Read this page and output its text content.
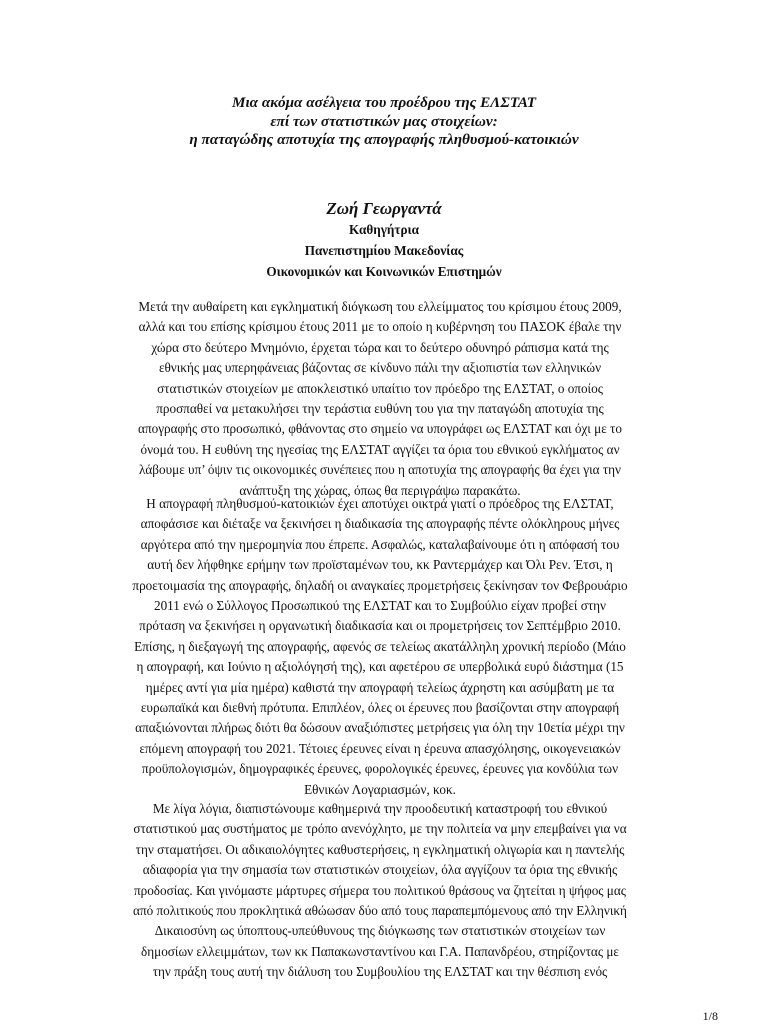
Μια ακόμα ασέλγεια του προέδρου της ΕΛΣΤΑΤ
επί των στατιστικών μας στοιχείων:
η παταγώδης αποτυχία της απογραφής πληθυσμού-κατοικιών
Ζωή Γεωργαντά
Καθηγήτρια
Πανεπιστημίου Μακεδονίας
Οικονομικών και Κοινωνικών Επιστημών
Μετά την αυθαίρετη και εγκληματική διόγκωση του ελλείμματος του κρίσιμου έτους 2009,
αλλά και του επίσης κρίσιμου έτους 2011 με το οποίο η κυβέρνηση του ΠΑΣΟΚ έβαλε την
χώρα στο δεύτερο Μνημόνιο, έρχεται τώρα και το δεύτερο οδυνηρό ράπισμα κατά της
εθνικής μας υπερηφάνειας βάζοντας σε κίνδυνο πάλι την αξιοπιστία των ελληνικών
στατιστικών στοιχείων με αποκλειστικό υπαίτιο τον πρόεδρο της ΕΛΣΤΑΤ, ο οποίος
προσπαθεί να μετακυλήσει την τεράστια ευθύνη του για την παταγώδη αποτυχία της
απογραφής στο προσωπικό, φθάνοντας στο σημείο να υπογράφει ως ΕΛΣΤΑΤ και όχι με το
όνομά του. Η ευθύνη της ηγεσίας της ΕΛΣΤΑΤ αγγίζει τα όρια του εθνικού εγκλήματος αν
λάβουμε υπ’ όψιν τις οικονομικές συνέπειες που η αποτυχία της απογραφής θα έχει για την
ανάπτυξη της χώρας, όπως θα περιγράψω παρακάτω.
Η απογραφή πληθυσμού-κατοικιών έχει αποτύχει οικτρά γιατί ο πρόεδρος της ΕΛΣΤΑΤ,
αποφάσισε και διέταξε να ξεκινήσει η διαδικασία της απογραφής πέντε ολόκληρους μήνες
αργότερα από την ημερομηνία που έπρεπε. Ασφαλώς, καταλαβαίνουμε ότι η απόφασή του
αυτή δεν λήφθηκε ερήμην των προϊσταμένων του, κκ Ραντερμάχερ και Όλι Ρεν. Έτσι, η
προετοιμασία της απογραφής, δηλαδή οι αναγκαίες προμετρήσεις ξεκίνησαν τον Φεβρουάριο
2011 ενώ ο Σύλλογος Προσωπικού της ΕΛΣΤΑΤ και το Συμβούλιο είχαν προβεί στην
πρόταση να ξεκινήσει η οργανωτική διαδικασία και οι προμετρήσεις τον Σεπτέμβριο 2010.
Επίσης, η διεξαγωγή της απογραφής, αφενός σε τελείως ακατάλληλη χρονική περίοδο (Μάιο
η απογραφή, και Ιούνιο η αξιολόγησή της), και αφετέρου σε υπερβολικά ευρύ διάστημα (15
ημέρες αντί για μία ημέρα) καθιστά την απογραφή τελείως άχρηστη και ασύμβατη με τα
ευρωπαϊκά και διεθνή πρότυπα. Επιπλέον, όλες οι έρευνες που βασίζονται στην απογραφή
απαξιώνονται πλήρως διότι θα δώσουν αναξιόπιστες μετρήσεις για όλη την 10ετία μέχρι την
επόμενη απογραφή του 2021. Τέτοιες έρευνες είναι η έρευνα απασχόλησης, οικογενειακών
προϋπολογισμών, δημογραφικές έρευνες, φορολογικές έρευνες, έρευνες για κονδύλια των
Εθνικών Λογαριασμών, κοκ.
Με λίγα λόγια, διαπιστώνουμε καθημερινά την προοδευτική καταστροφή του εθνικού
στατιστικού μας συστήματος με τρόπο ανενόχλητο, με την πολιτεία να μην επεμβαίνει για να
την σταματήσει. Οι αδικαιολόγητες καθυστερήσεις, η εγκληματική ολιγωρία και η παντελής
αδιαφορία για την σημασία των στατιστικών στοιχείων, όλα αγγίζουν τα όρια της εθνικής
προδοσίας. Και γινόμαστε μάρτυρες σήμερα του πολιτικού θράσους να ζητείται η ψήφος μας
από πολιτικούς που προκλητικά αθώωσαν δύο από τους παραπεμπόμενους από την Ελληνική
Δικαιοσύνη ως ύποπτους-υπεύθυνους της διόγκωσης των στατιστικών στοιχείων των
δημοσίων ελλειμμάτων, των κκ Παπακωνσταντίνου και Γ.Α. Παπανδρέου, στηρίζοντας με
την πράξη τους αυτή την διάλυση του Συμβουλίου της ΕΛΣΤΑΤ και την θέσπιση ενός
1/8
